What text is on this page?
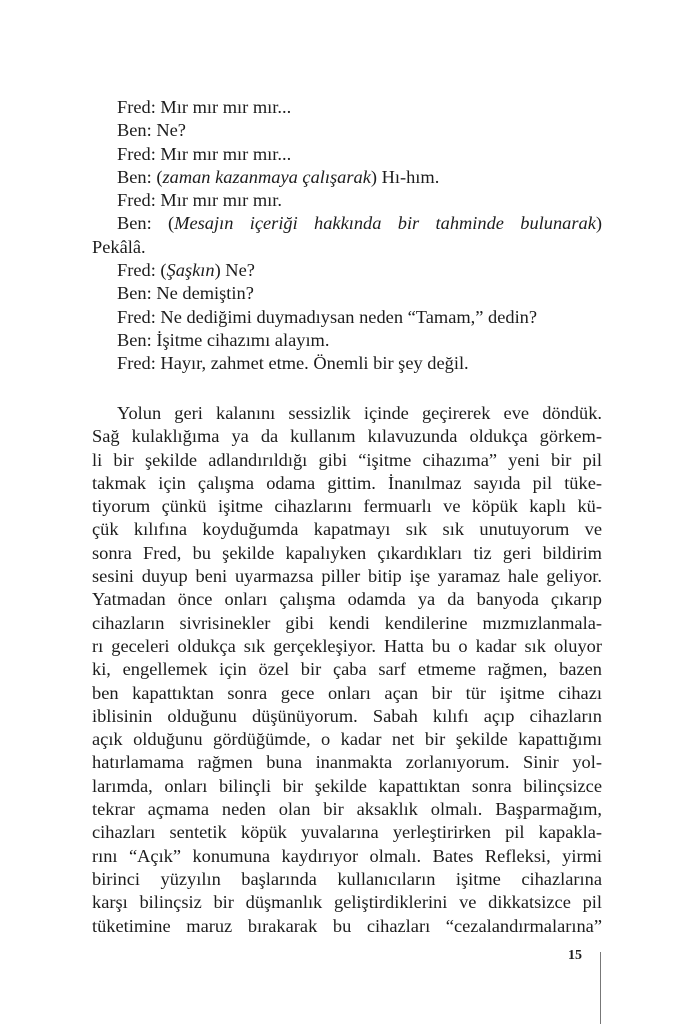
Fred: Mır mır mır mır...
Ben: Ne?
Fred: Mır mır mır mır...
Ben: (zaman kazanmaya çalışarak) Hı-hım.
Fred: Mır mır mır mır.
Ben: (Mesajın içeriği hakkında bir tahminde bulunarak)
Pekâlâ.
Fred: (Şaşkın) Ne?
Ben: Ne demiştin?
Fred: Ne dediğimi duymadıysan neden “Tamam,” dedin?
Ben: İşitme cihazımı alayım.
Fred: Hayır, zahmet etme. Önemli bir şey değil.
Yolun geri kalanını sessizlik içinde geçirerek eve döndük.
Sağ kulaklığıma ya da kullanım kılavuzunda oldukça görkem-
li bir şekilde adlandırıldığı gibi “işitme cihazıma” yeni bir pil
takmak için çalışma odama gittim. İnanılmaz sayıda pil tüke-
tiyorum çünkü işitme cihazlarını fermuarlı ve köpük kaplı kü-
çük kılıfına koyduğumda kapatmayı sık sık unutuyorum ve
sonra Fred, bu şekilde kapalıyken çıkardıkları tiz geri bildirim
sesini duyup beni uyarmazsa piller bitip işe yaramaz hale geliyor.
Yatmadan önce onları çalışma odamda ya da banyoda çıkarıp
cihazların sivrisinekler gibi kendi kendilerine mızmızlanmala-
rı geceleri oldukça sık gerçekleşiyor. Hatta bu o kadar sık oluyor
ki, engellemek için özel bir çaba sarf etmeme rağmen, bazen
ben kapattıktan sonra gece onları açan bir tür işitme cihazı
iblisinin olduğunu düşünüyorum. Sabah kılıfı açıp cihazların
açık olduğunu gördüğümde, o kadar net bir şekilde kapattığımı
hatırlamama rağmen buna inanmakta zorlanıyorum. Sinir yol-
larımda, onları bilinçli bir şekilde kapattıktan sonra bilinçsizce
tekrar açmama neden olan bir aksaklık olmalı. Başparmağım,
cihazları sentetik köpük yuvalarına yerleştirirken pil kapakla-
rını “Açık” konumuna kaydırıyor olmalı. Bates Refleksi, yirmi
birinci yüzyılın başlarında kullanıcıların işitme cihazlarına
karşı bilinçsiz bir düşmanlık geliştirdiklerini ve dikkatsizce pil
tüketimine maruz bırakarak bu cihazları “cezalandırmalarına”
15
